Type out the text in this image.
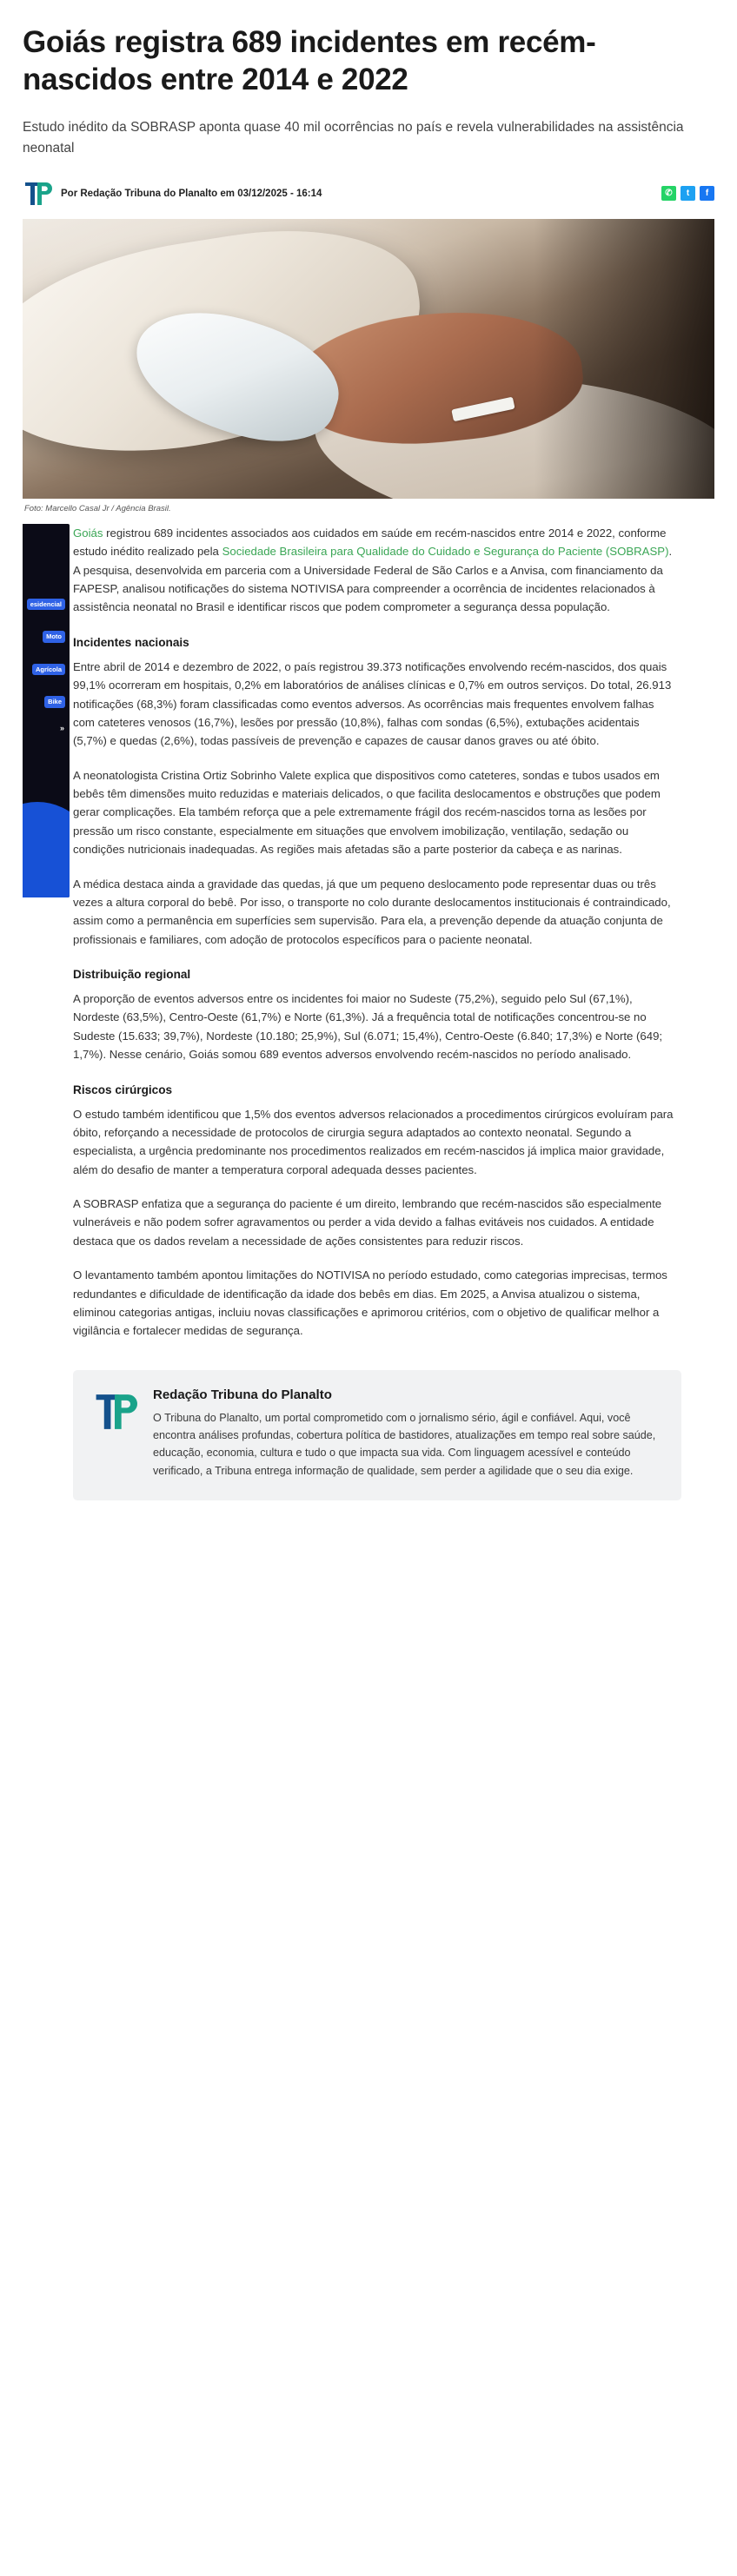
Goiás registra 689 incidentes em recém-nascidos entre 2014 e 2022

Estudo inédito da SOBRASP aponta quase 40 mil ocorrências no país e revela vulnerabilidades na assistência neonatal

Por Redação Tribuna do Planalto em 03/12/2025 - 16:14	✆	t	f
Foto: Marcello Casal Jr / Agência Brasil.
esidencial
Moto
Agrícola
Bike
»

Goiás registrou 689 incidentes associados aos cuidados em saúde em recém-nascidos entre 2014 e 2022, conforme estudo inédito realizado pela Sociedade Brasileira para Qualidade do Cuidado e Segurança do Paciente (SOBRASP). A pesquisa, desenvolvida em parceria com a Universidade Federal de São Carlos e a Anvisa, com financiamento da FAPESP, analisou notificações do sistema NOTIVISA para compreender a ocorrência de incidentes relacionados à assistência neonatal no Brasil e identificar riscos que podem comprometer a segurança dessa população.

Incidentes nacionais

Entre abril de 2014 e dezembro de 2022, o país registrou 39.373 notificações envolvendo recém-nascidos, dos quais 99,1% ocorreram em hospitais, 0,2% em laboratórios de análises clínicas e 0,7% em outros serviços. Do total, 26.913 notificações (68,3%) foram classificadas como eventos adversos. As ocorrências mais frequentes envolvem falhas com cateteres venosos (16,7%), lesões por pressão (10,8%), falhas com sondas (6,5%), extubações acidentais (5,7%) e quedas (2,6%), todas passíveis de prevenção e capazes de causar danos graves ou até óbito.

A neonatologista Cristina Ortiz Sobrinho Valete explica que dispositivos como cateteres, sondas e tubos usados em bebês têm dimensões muito reduzidas e materiais delicados, o que facilita deslocamentos e obstruções que podem gerar complicações. Ela também reforça que a pele extremamente frágil dos recém-nascidos torna as lesões por pressão um risco constante, especialmente em situações que envolvem imobilização, ventilação, sedação ou condições nutricionais inadequadas. As regiões mais afetadas são a parte posterior da cabeça e as narinas.

A médica destaca ainda a gravidade das quedas, já que um pequeno deslocamento pode representar duas ou três vezes a altura corporal do bebê. Por isso, o transporte no colo durante deslocamentos institucionais é contraindicado, assim como a permanência em superfícies sem supervisão. Para ela, a prevenção depende da atuação conjunta de profissionais e familiares, com adoção de protocolos específicos para o paciente neonatal.

Distribuição regional

A proporção de eventos adversos entre os incidentes foi maior no Sudeste (75,2%), seguido pelo Sul (67,1%), Nordeste (63,5%), Centro-Oeste (61,7%) e Norte (61,3%). Já a frequência total de notificações concentrou-se no Sudeste (15.633; 39,7%), Nordeste (10.180; 25,9%), Sul (6.071; 15,4%), Centro-Oeste (6.840; 17,3%) e Norte (649; 1,7%). Nesse cenário, Goiás somou 689 eventos adversos envolvendo recém-nascidos no período analisado.

Riscos cirúrgicos

O estudo também identificou que 1,5% dos eventos adversos relacionados a procedimentos cirúrgicos evoluíram para óbito, reforçando a necessidade de protocolos de cirurgia segura adaptados ao contexto neonatal. Segundo a especialista, a urgência predominante nos procedimentos realizados em recém-nascidos já implica maior gravidade, além do desafio de manter a temperatura corporal adequada desses pacientes.

A SOBRASP enfatiza que a segurança do paciente é um direito, lembrando que recém-nascidos são especialmente vulneráveis e não podem sofrer agravamentos ou perder a vida devido a falhas evitáveis nos cuidados. A entidade destaca que os dados revelam a necessidade de ações consistentes para reduzir riscos.

O levantamento também apontou limitações do NOTIVISA no período estudado, como categorias imprecisas, termos redundantes e dificuldade de identificação da idade dos bebês em dias. Em 2025, a Anvisa atualizou o sistema, eliminou categorias antigas, incluiu novas classificações e aprimorou critérios, com o objetivo de qualificar melhor a vigilância e fortalecer medidas de segurança.

Redação Tribuna do Planalto

O Tribuna do Planalto, um portal comprometido com o jornalismo sério, ágil e confiável. Aqui, você encontra análises profundas, cobertura política de bastidores, atualizações em tempo real sobre saúde, educação, economia, cultura e tudo o que impacta sua vida. Com linguagem acessível e conteúdo verificado, a Tribuna entrega informação de qualidade, sem perder a agilidade que o seu dia exige.
